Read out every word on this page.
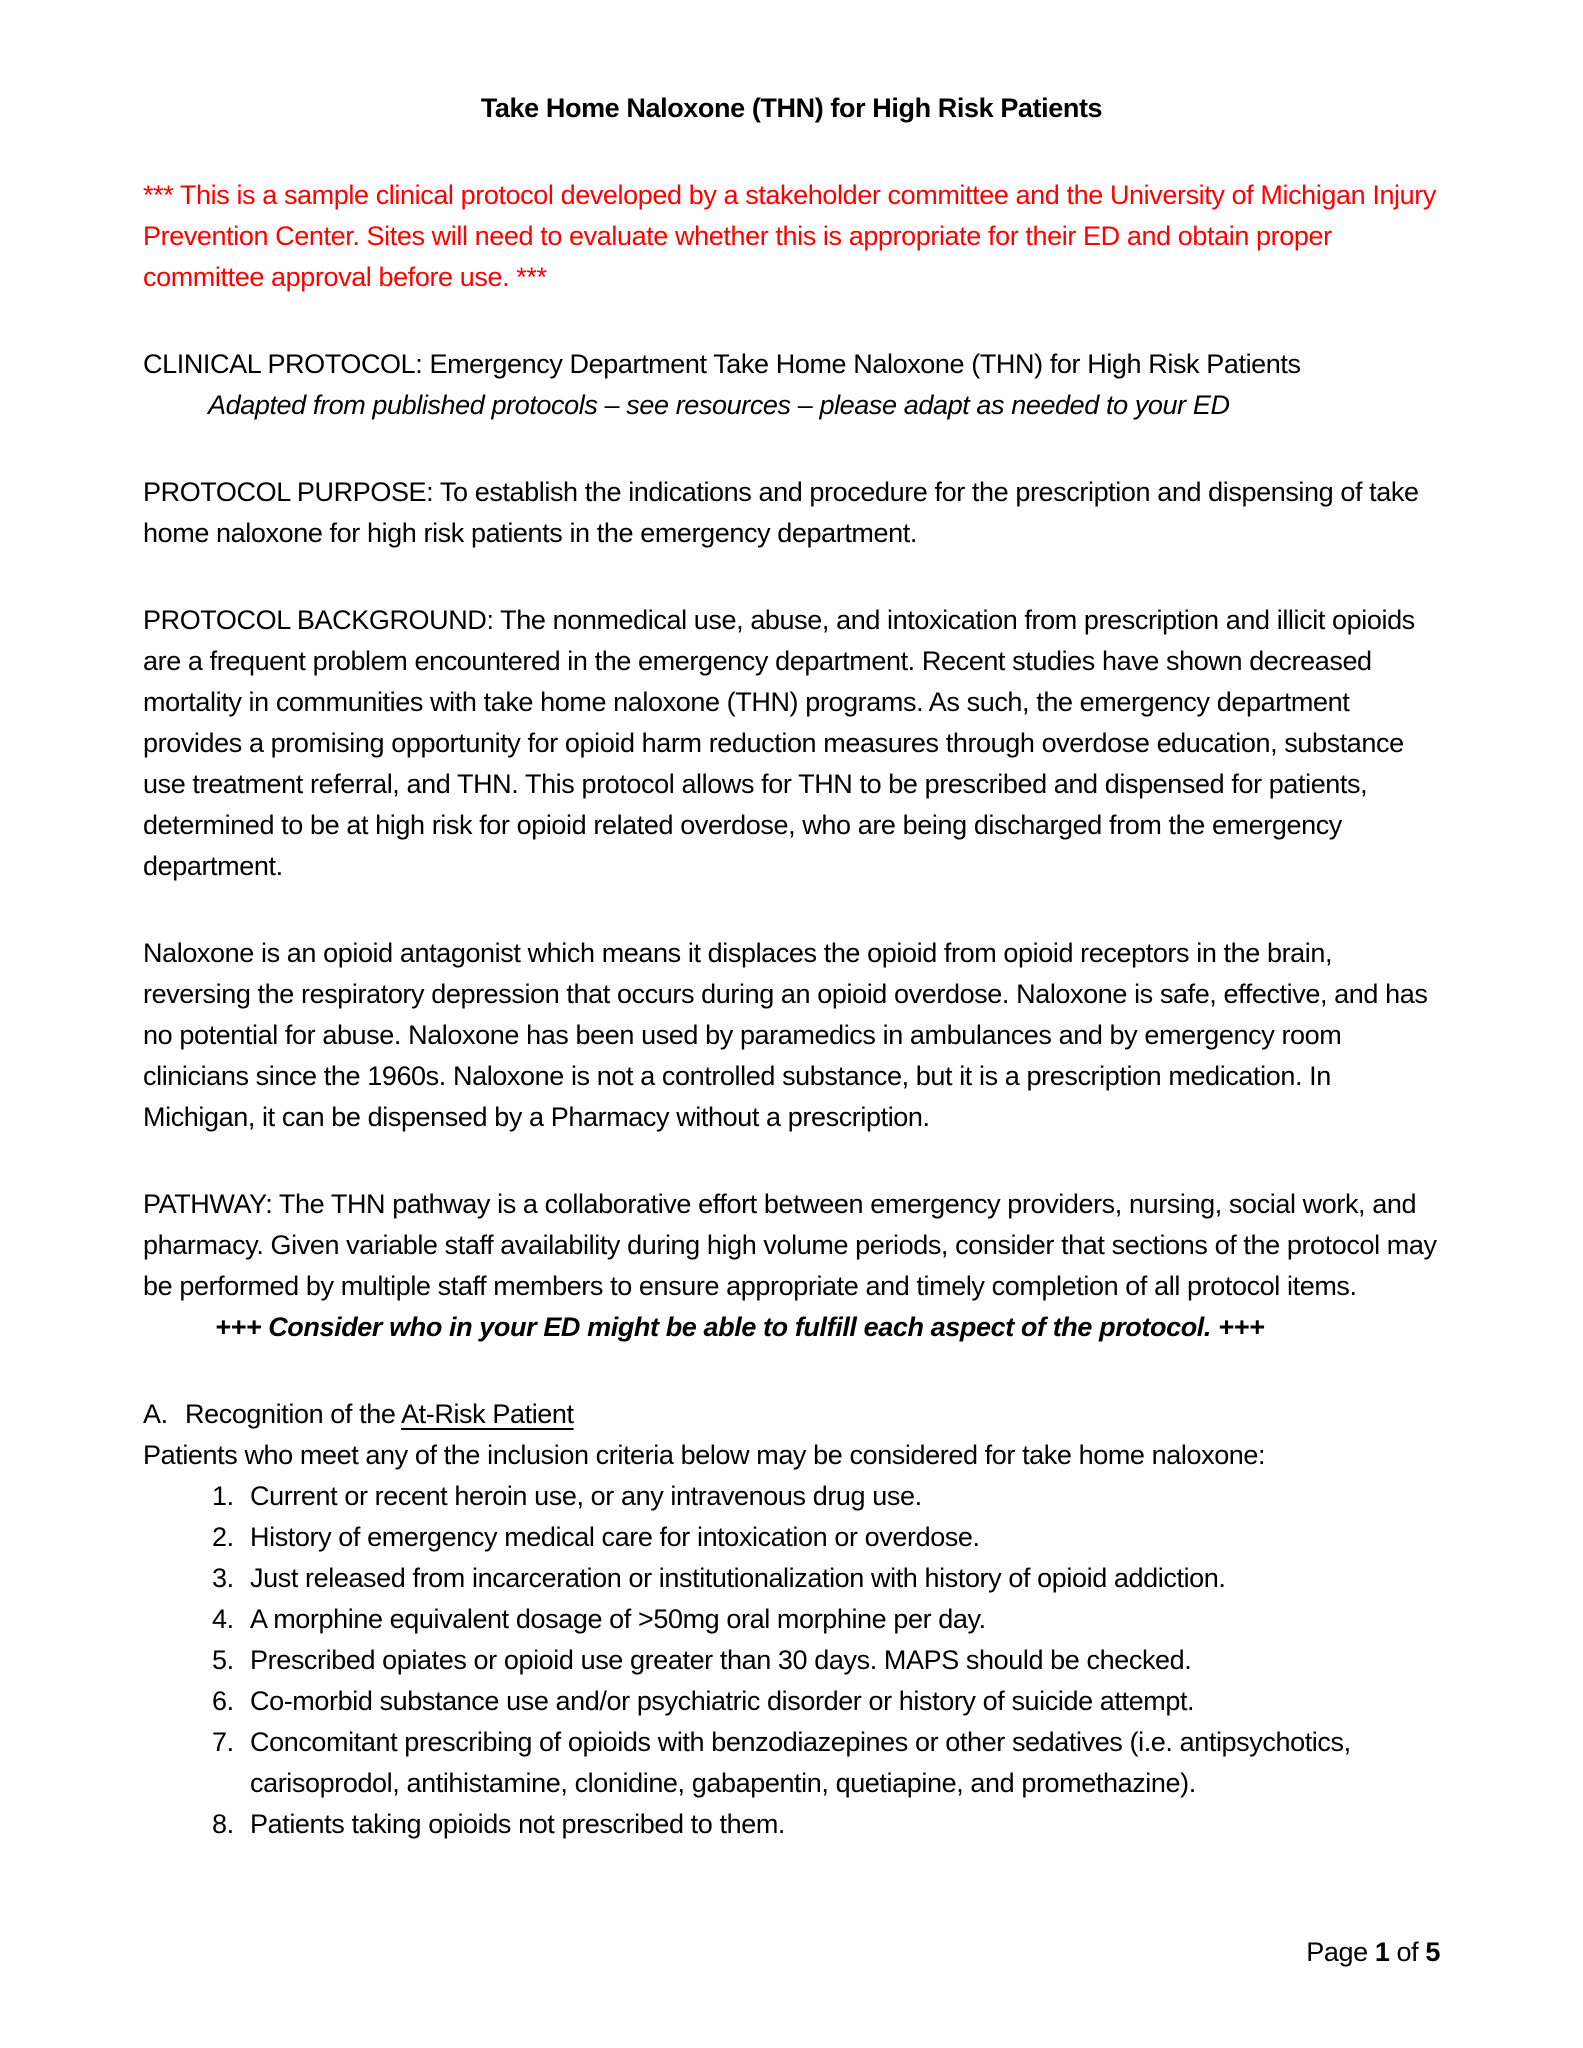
Take Home Naloxone (THN) for High Risk Patients

*** This is a sample clinical protocol developed by a stakeholder committee and the University of Michigan Injury Prevention Center. Sites will need to evaluate whether this is appropriate for their ED and obtain proper committee approval before use. ***

CLINICAL PROTOCOL: Emergency Department Take Home Naloxone (THN) for High Risk Patients
Adapted from published protocols – see resources – please adapt as needed to your ED

PROTOCOL PURPOSE: To establish the indications and procedure for the prescription and dispensing of take home naloxone for high risk patients in the emergency department.

PROTOCOL BACKGROUND: The nonmedical use, abuse, and intoxication from prescription and illicit opioids are a frequent problem encountered in the emergency department. Recent studies have shown decreased mortality in communities with take home naloxone (THN) programs. As such, the emergency department provides a promising opportunity for opioid harm reduction measures through overdose education, substance use treatment referral, and THN. This protocol allows for THN to be prescribed and dispensed for patients, determined to be at high risk for opioid related overdose, who are being discharged from the emergency department.

Naloxone is an opioid antagonist which means it displaces the opioid from opioid receptors in the brain, reversing the respiratory depression that occurs during an opioid overdose. Naloxone is safe, effective, and has no potential for abuse. Naloxone has been used by paramedics in ambulances and by emergency room clinicians since the 1960s. Naloxone is not a controlled substance, but it is a prescription medication. In Michigan, it can be dispensed by a Pharmacy without a prescription.

PATHWAY: The THN pathway is a collaborative effort between emergency providers, nursing, social work, and pharmacy. Given variable staff availability during high volume periods, consider that sections of the protocol may be performed by multiple staff members to ensure appropriate and timely completion of all protocol items.
+++ Consider who in your ED might be able to fulfill each aspect of the protocol. +++
A. Recognition of the At-Risk Patient

Patients who meet any of the inclusion criteria below may be considered for take home naloxone:

1. Current or recent heroin use, or any intravenous drug use.
2. History of emergency medical care for intoxication or overdose.
3. Just released from incarceration or institutionalization with history of opioid addiction.
4. A morphine equivalent dosage of >50mg oral morphine per day.
5. Prescribed opiates or opioid use greater than 30 days. MAPS should be checked.
6. Co-morbid substance use and/or psychiatric disorder or history of suicide attempt.
7. Concomitant prescribing of opioids with benzodiazepines or other sedatives (i.e. antipsychotics, carisoprodol, antihistamine, clonidine, gabapentin, quetiapine, and promethazine).
8. Patients taking opioids not prescribed to them.
Page 1 of 5
